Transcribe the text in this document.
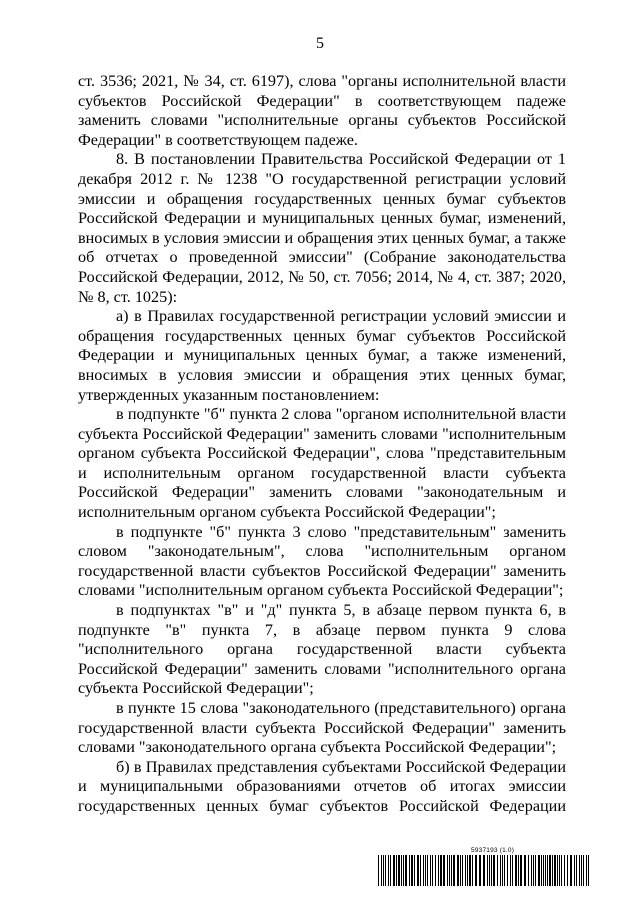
5

ст. 3536; 2021, № 34, ст. 6197), слова "органы исполнительной власти субъектов Российской Федерации" в соответствующем падеже заменить словами "исполнительные органы субъектов Российской Федерации" в соответствующем падеже.

8. В постановлении Правительства Российской Федерации от 1 декабря 2012 г. № 1238 "О государственной регистрации условий эмиссии и обращения государственных ценных бумаг субъектов Российской Федерации и муниципальных ценных бумаг, изменений, вносимых в условия эмиссии и обращения этих ценных бумаг, а также об отчетах о проведенной эмиссии" (Собрание законодательства Российской Федерации, 2012, № 50, ст. 7056; 2014, № 4, ст. 387; 2020, № 8, ст. 1025):

а) в Правилах государственной регистрации условий эмиссии и обращения государственных ценных бумаг субъектов Российской Федерации и муниципальных ценных бумаг, а также изменений, вносимых в условия эмиссии и обращения этих ценных бумаг, утвержденных указанным постановлением:

в подпункте "б" пункта 2 слова "органом исполнительной власти субъекта Российской Федерации" заменить словами "исполнительным органом субъекта Российской Федерации", слова "представительным и исполнительным органом государственной власти субъекта Российской Федерации" заменить словами "законодательным и исполнительным органом субъекта Российской Федерации";

в подпункте "б" пункта 3 слово "представительным" заменить словом "законодательным", слова "исполнительным органом государственной власти субъектов Российской Федерации" заменить словами "исполнительным органом субъекта Российской Федерации";

в подпунктах "в" и "д" пункта 5, в абзаце первом пункта 6, в подпункте "в" пункта 7, в абзаце первом пункта 9 слова "исполнительного органа государственной власти субъекта Российской Федерации" заменить словами "исполнительного органа субъекта Российской Федерации";

в пункте 15 слова "законодательного (представительного) органа государственной власти субъекта Российской Федерации" заменить словами "законодательного органа субъекта Российской Федерации";

б) в Правилах представления субъектами Российской Федерации и муниципальными образованиями отчетов об итогах эмиссии государственных ценных бумаг субъектов Российской Федерации

5937193 (1.0)
